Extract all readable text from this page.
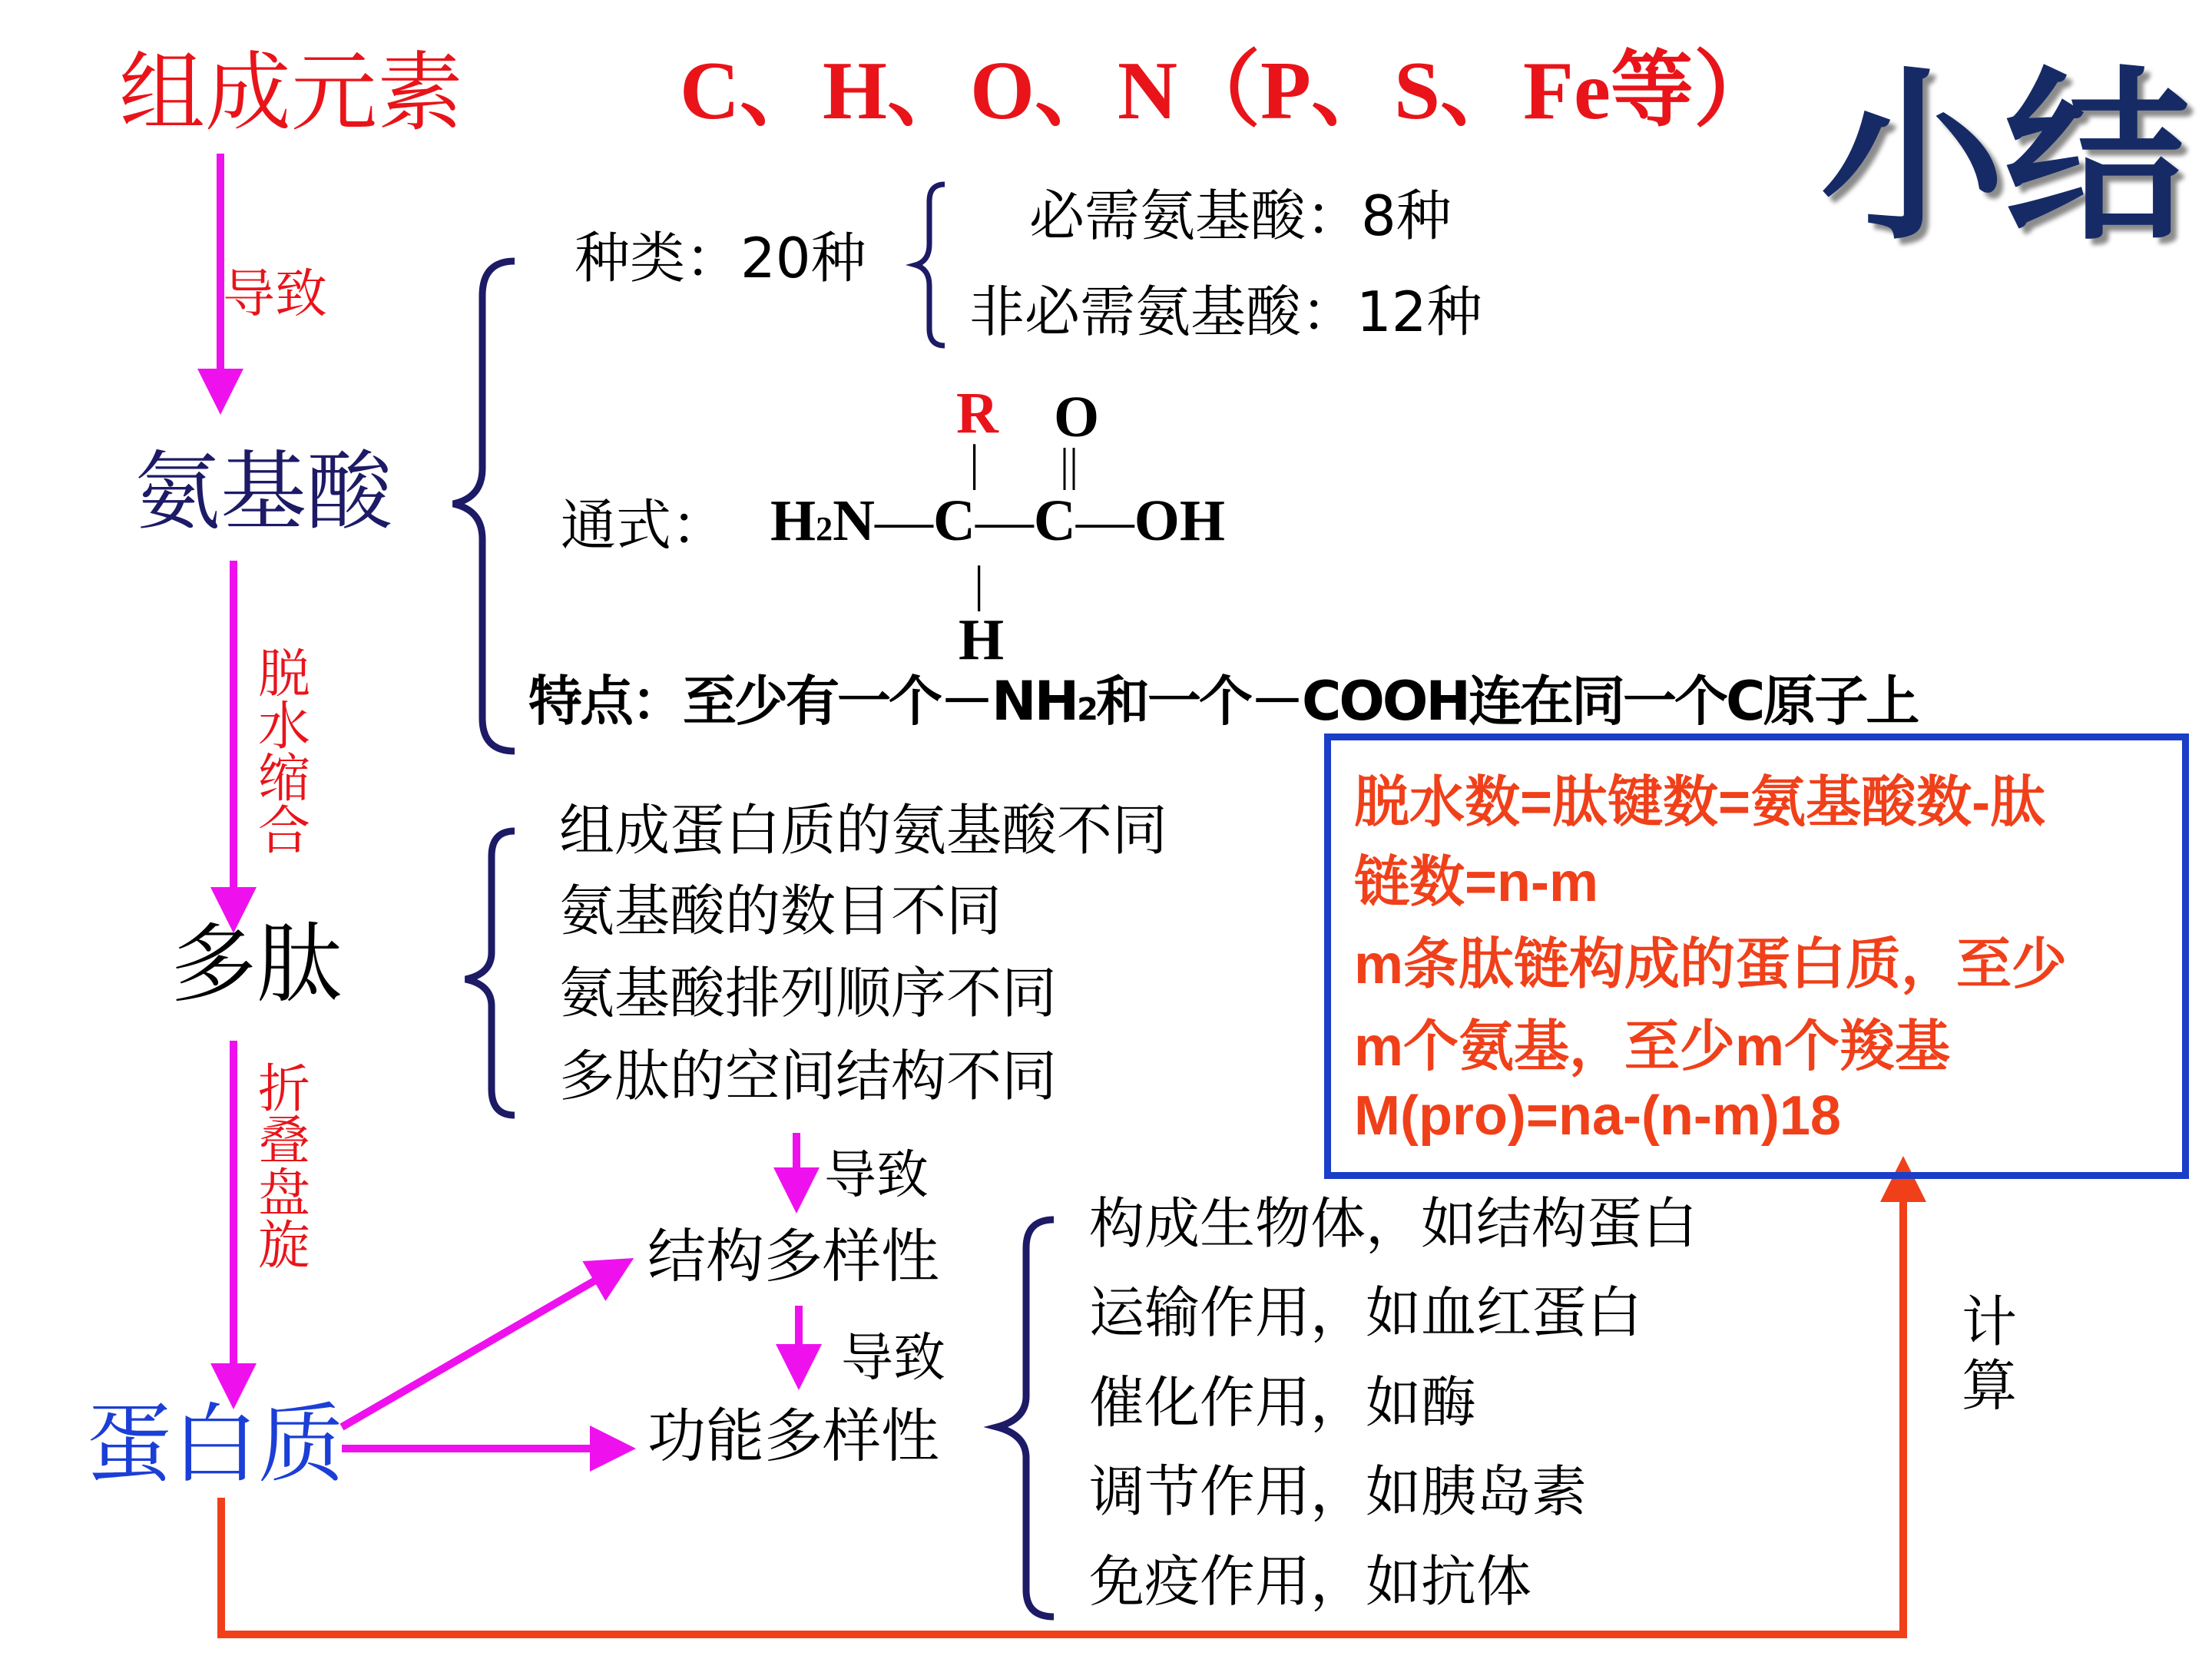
小结
组成元素	C、H、O、N（P、S、Fe等）
氨基酸
多肽
蛋白质
导致
脱
水
缩
合
折
叠
盘
旋
种类：20种
必需氨基酸：8种
非必需氨基酸：12种
通式：
R O
| ||
H2N—C—C—OH
|
H
特点：至少有一个－NH2和一个－COOH连在同一个C原子上
组成蛋白质的氨基酸不同
氨基酸的数目不同
氨基酸排列顺序不同
多肽的空间结构不同
导致
导致
结构多样性
功能多样性
构成生物体，如结构蛋白
运输作用，如血红蛋白
催化作用，如酶
调节作用，如胰岛素
免疫作用，如抗体
计
算
脱水数=肽键数=氨基酸数-肽
链数=n-m
m条肽链构成的蛋白质，至少
m个氨基，至少m个羧基
M(pro)=na-(n-m)18
